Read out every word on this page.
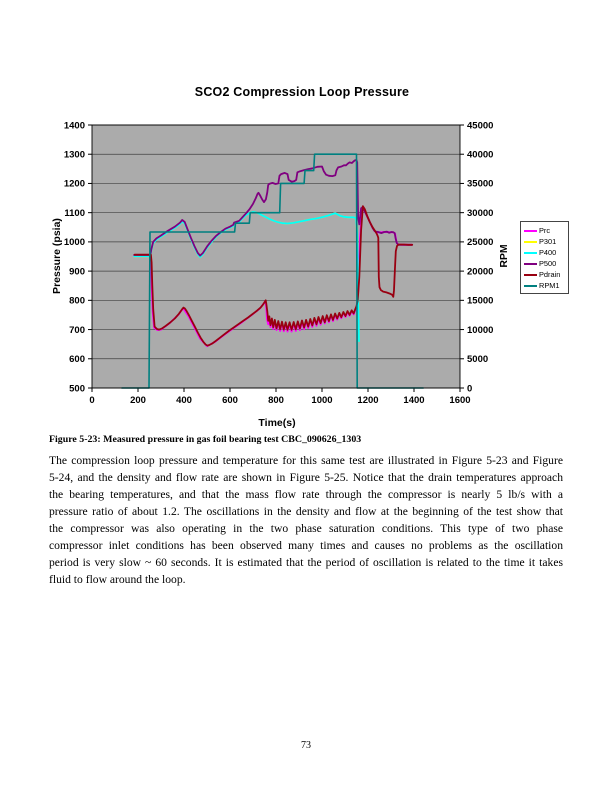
SCO2 Compression Loop Pressure
500
600
700
800
900
1000
1100
1200
1300
1400
0
5000
10000
15000
20000
25000
30000
35000
40000
45000
0	200	400	600	800	1000	1200	1400	1600
Pressure (psia)	RPM
Time(s)
Prc
P301
P400
P500
Pdrain
RPM1
Figure 5-23: Measured pressure in gas foil bearing test CBC_090626_1303
The compression loop pressure and temperature for this same test are illustrated in Figure 5-23 and Figure
5-24, and the density and flow rate are shown in Figure 5-25. Notice that the drain temperatures approach
the bearing temperatures, and that the mass flow rate through the compressor is nearly 5 lb/s with a
pressure ratio of about 1.2. The oscillations in the density and flow at the beginning of the test show that
the compressor was also operating in the two phase saturation conditions. This type of two phase
compressor inlet conditions has been observed many times and causes no problems as the oscillation
period is very slow ~ 60 seconds. It is estimated that the period of oscillation is related to the time it takes
fluid to flow around the loop.
73
